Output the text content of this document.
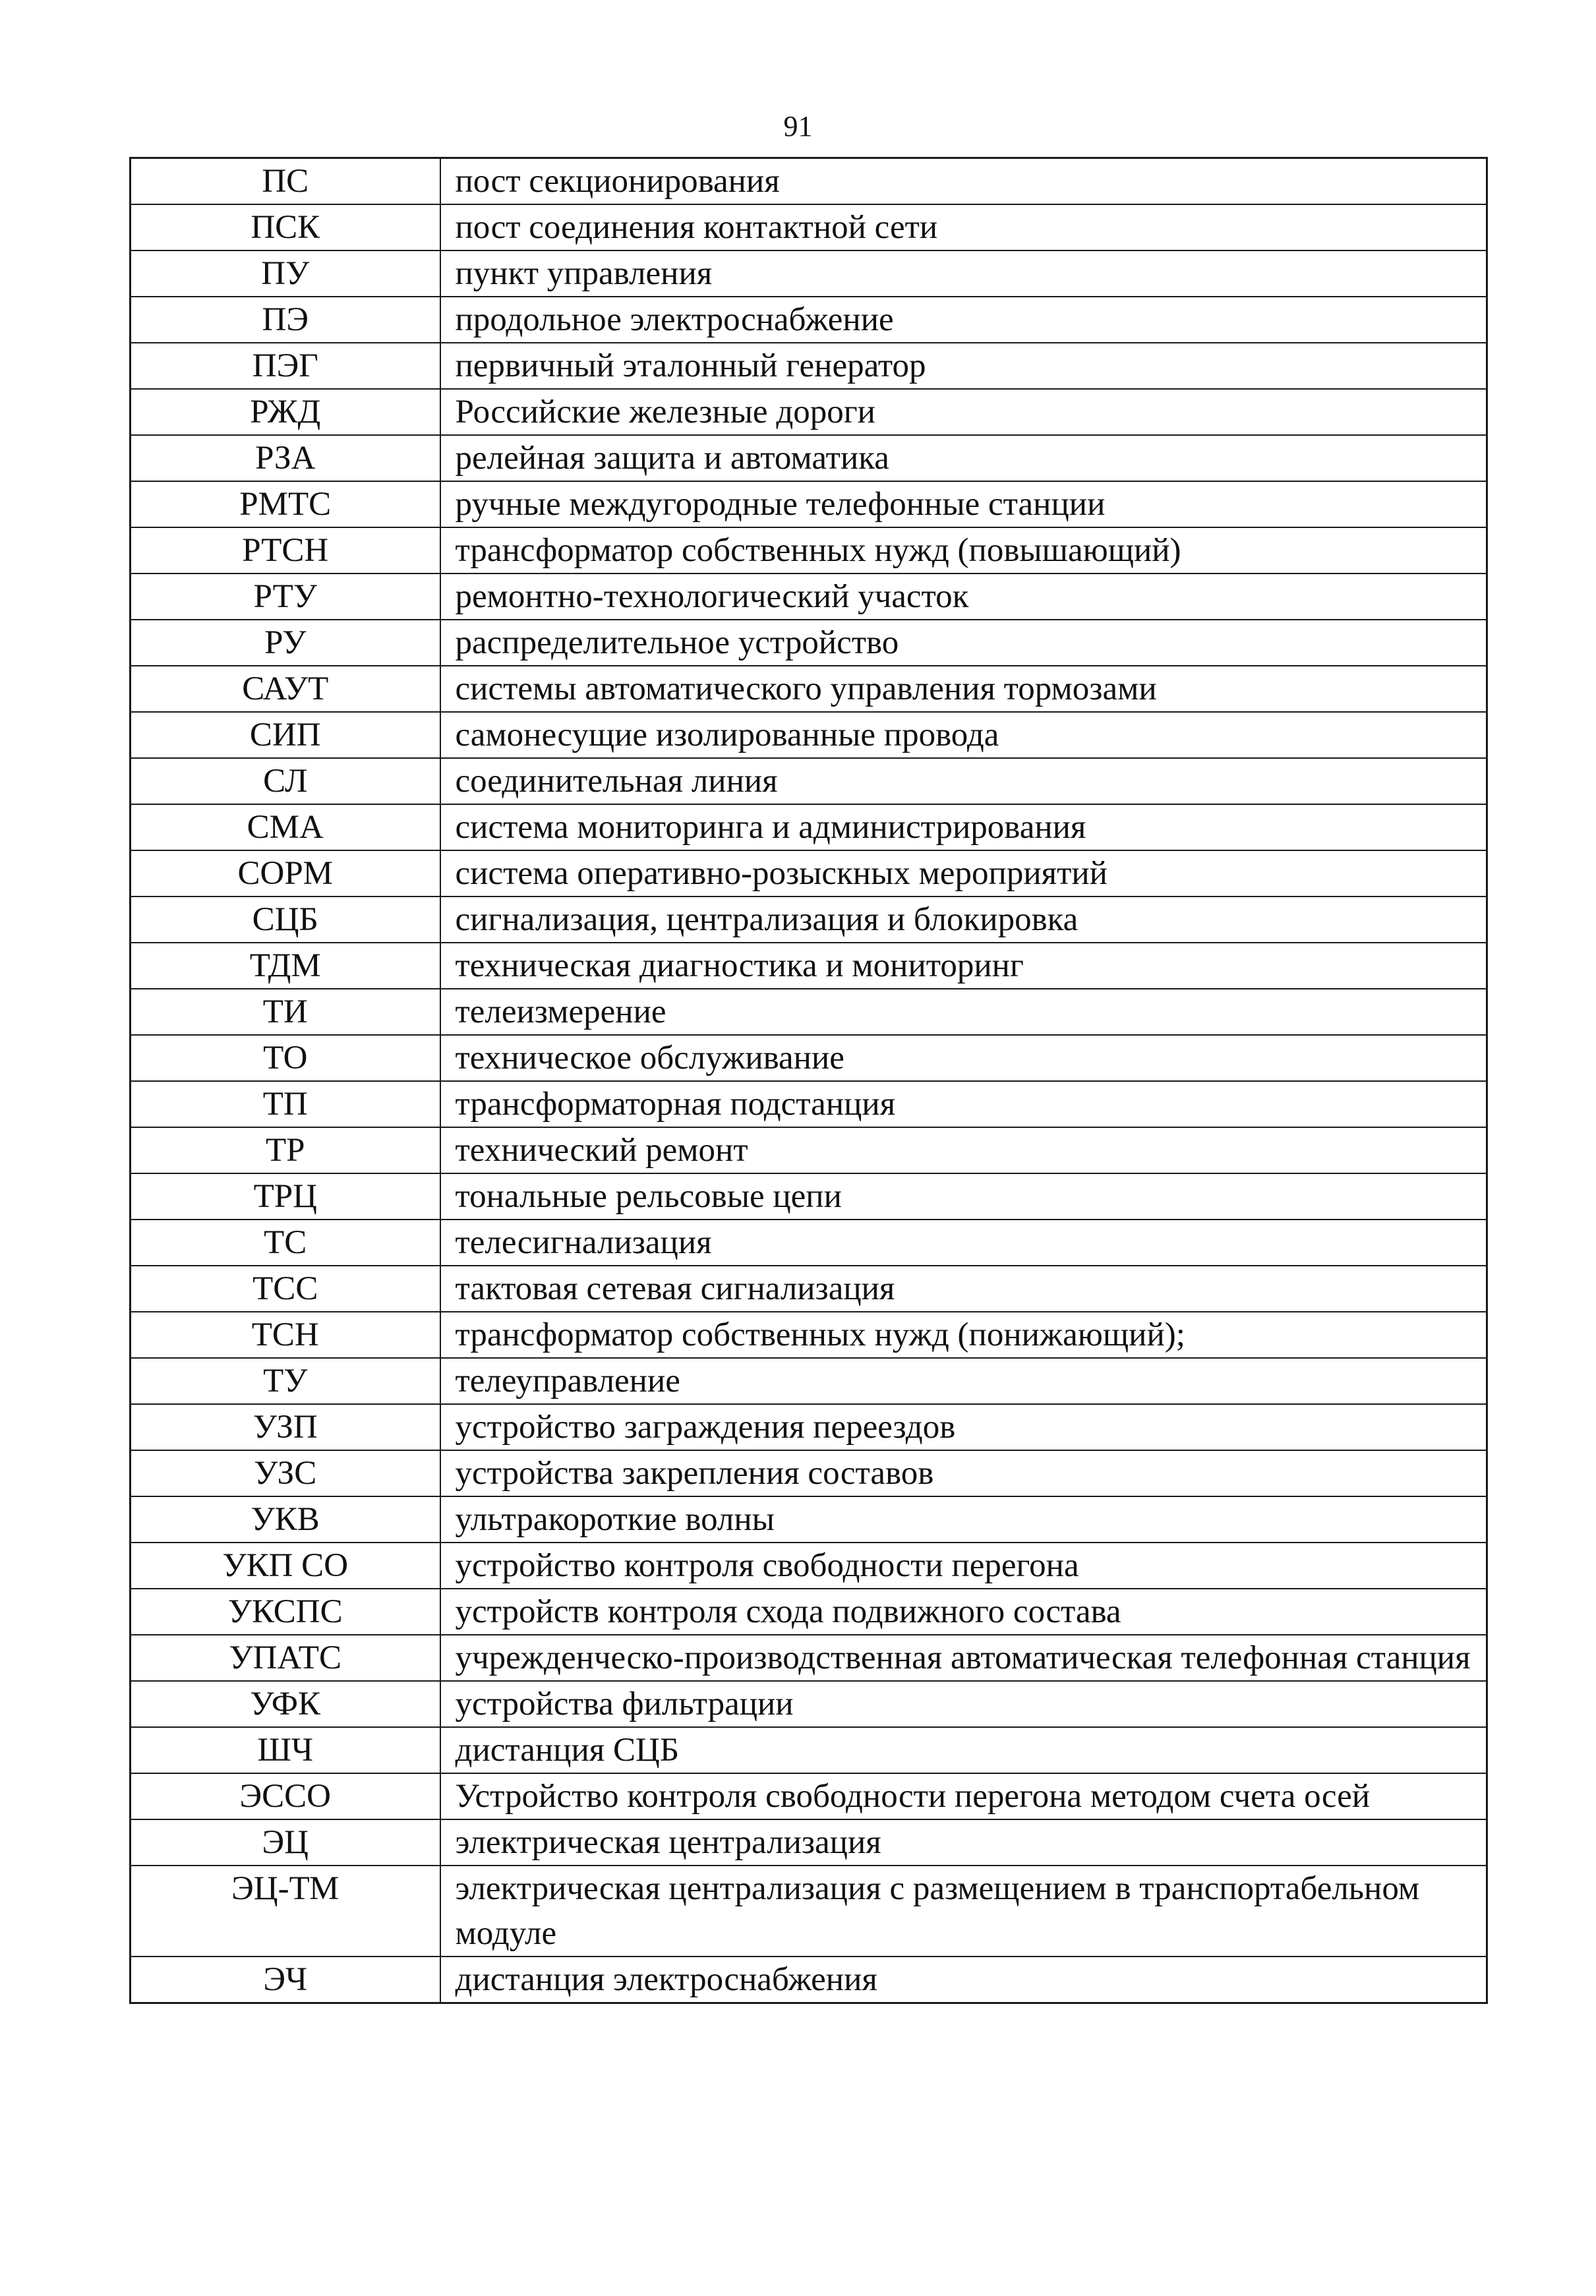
91
ПС	пост секционирования
ПСК	пост соединения контактной сети
ПУ	пункт управления
ПЭ	продольное электроснабжение
ПЭГ	первичный эталонный генератор
РЖД	Российские железные дороги
РЗА	релейная защита и автоматика
РМТС	ручные междугородные телефонные станции
РТСН	трансформатор собственных нужд (повышающий)
РТУ	ремонтно-технологический участок
РУ	распределительное устройство
САУТ	системы автоматического управления тормозами
СИП	самонесущие изолированные провода
СЛ	соединительная линия
СМА	система мониторинга и администрирования
СОРМ	система оперативно-розыскных мероприятий
СЦБ	сигнализация, централизация и блокировка
ТДМ	техническая диагностика и мониторинг
ТИ	телеизмерение
ТО	техническое обслуживание
ТП	трансформаторная подстанция
ТР	технический ремонт
ТРЦ	тональные рельсовые цепи
ТС	телесигнализация
ТСС	тактовая сетевая сигнализация
ТСН	трансформатор собственных нужд (понижающий);
ТУ	телеуправление
УЗП	устройство заграждения переездов
УЗС	устройства закрепления составов
УКВ	ультракороткие волны
УКП СО	устройство контроля свободности перегона
УКСПС	устройств контроля схода подвижного состава
УПАТС	учрежденческо-производственная автоматическая телефонная станция
УФК	устройства фильтрации
ШЧ	дистанция СЦБ
ЭССО	Устройство контроля свободности перегона методом счета осей
ЭЦ	электрическая централизация
ЭЦ-ТМ	электрическая централизация с размещением в транспортабельном модуле
ЭЧ	дистанция электроснабжения
